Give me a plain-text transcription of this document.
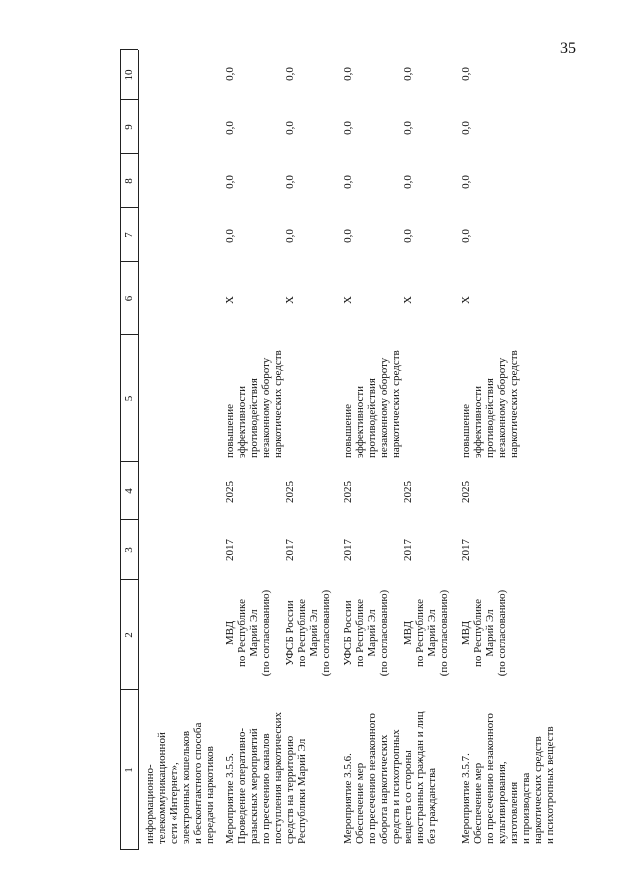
35
1
2
3
4
5
6
7
8
9
10
информационно- телекоммуникационной сети «Интернет», электронных кошельков и бесконтактного способа передачи наркотиков Мероприятие 3.5.5. Проведение оперативно- разыскных мероприятий по пресечению каналов поступления наркотических средств на территорию Республики Марий Эл
МВД по Республике Марий Эл (по согласованию)
2017
2025
повышение эффективности противодействия незаконному обороту наркотических средств
X
0,0
0,0
0,0
0,0
УФСБ России по Республике Марий Эл (по согласованию)
2017
2025
X
0,0
0,0
0,0
0,0
Мероприятие 3.5.6. Обеспечение мер по пресечению незаконного оборота наркотических средств и психотропных веществ со стороны иностранных граждан и лиц без гражданства
УФСБ России по Республике Марий Эл (по согласованию)
2017
2025
повышение эффективности противодействия незаконному обороту наркотических средств
X
0,0
0,0
0,0
0,0
МВД по Республике Марий Эл (по согласованию)
2017
2025
X
0,0
0,0
0,0
0,0
Мероприятие 3.5.7. Обеспечение мер по пресечению незаконного культивирования, изготовления и производства наркотических средств и психотропных веществ
МВД по Республике Марий Эл (по согласованию)
2017
2025
повышение эффективности противодействия незаконному обороту наркотических средств
X
0,0
0,0
0,0
0,0
